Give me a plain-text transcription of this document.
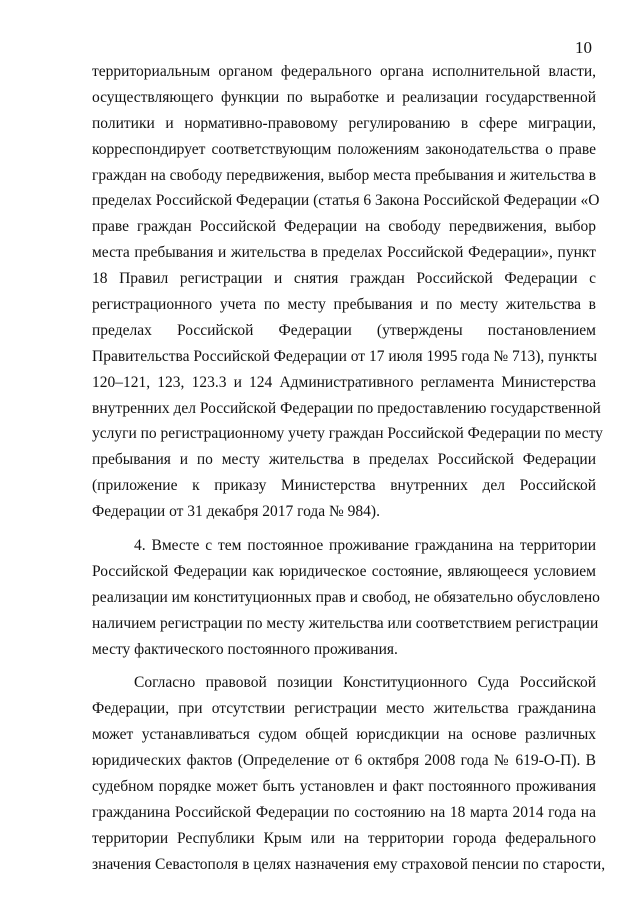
10
территориальным органом федерального органа исполнительной власти,
осуществляющего функции по выработке и реализации государственной
политики и нормативно-правовому регулированию в сфере миграции,
корреспондирует соответствующим положениям законодательства о праве
граждан на свободу передвижения, выбор места пребывания и жительства в
пределах Российской Федерации (статья 6 Закона Российской Федерации «О
праве граждан Российской Федерации на свободу передвижения, выбор
места пребывания и жительства в пределах Российской Федерации», пункт
18 Правил регистрации и снятия граждан Российской Федерации с
регистрационного учета по месту пребывания и по месту жительства в
пределах Российской Федерации (утверждены постановлением
Правительства Российской Федерации от 17 июля 1995 года № 713), пункты
120–121, 123, 123.3 и 124 Административного регламента Министерства
внутренних дел Российской Федерации по предоставлению государственной
услуги по регистрационному учету граждан Российской Федерации по месту
пребывания и по месту жительства в пределах Российской Федерации
(приложение к приказу Министерства внутренних дел Российской
Федерации от 31 декабря 2017 года № 984).
4. Вместе с тем постоянное проживание гражданина на территории
Российской Федерации как юридическое состояние, являющееся условием
реализации им конституционных прав и свобод, не обязательно обусловлено
наличием регистрации по месту жительства или соответствием регистрации
месту фактического постоянного проживания.
Согласно правовой позиции Конституционного Суда Российской
Федерации, при отсутствии регистрации место жительства гражданина
может устанавливаться судом общей юрисдикции на основе различных
юридических фактов (Определение от 6 октября 2008 года № 619-О-П). В
судебном порядке может быть установлен и факт постоянного проживания
гражданина Российской Федерации по состоянию на 18 марта 2014 года на
территории Республики Крым или на территории города федерального
значения Севастополя в целях назначения ему страховой пенсии по старости,
